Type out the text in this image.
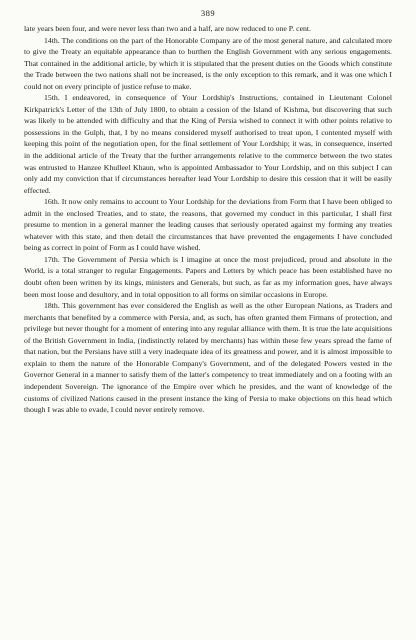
389

late years been four, and were never less than two and a half, are now reduced to one P. cent.

14th. The conditions on the part of the Honorable Company are of the most general nature, and calculated more to give the Treaty an equitable appearance than to burthen the English Government with any serious engagements. That contained in the additional article, by which it is stipulated that the present duties on the Goods which constitute the Trade between the two nations shall not be increased, is the only exception to this remark, and it was one which I could not on every principle of justice refuse to make.

15th. I endeavored, in consequence of Your Lordship's Instructions, contained in Lieutenant Colonel Kirkpatrick's Letter of the 13th of July 1800, to obtain a cession of the Island of Kishma, but discovering that such was likely to be attended with difficulty and that the King of Persia wished to connect it with other points relative to possessions in the Gulph, that, I by no means considered myself authorised to treat upon, I contented myself with keeping this point of the negotiation open, for the final settlement of Your Lordship; it was, in consequence, inserted in the additional article of the Treaty that the further arrangements relative to the commerce between the two states was entrusted to Hanzee Khulleel Khaun, who is appointed Ambassador to Your Lordship, and on this subject I can only add my conviction that if circumstances hereafter lead Your Lordship to desire this cession that it will be easily effected.

16th. It now only remains to account to Your Lordship for the deviations from Form that I have been obliged to admit in the enclosed Treaties, and to state, the reasons, that governed my conduct in this particular, I shall first presume to mention in a general manner the leading causes that seriously operated against my forming any treaties whatever with this state, and then detail the circumstances that have prevented the engagements I have concluded being as correct in point of Form as I could have wished.

17th. The Government of Persia which is I imagine at once the most prejudiced, proud and absolute in the World, is a total stranger to regular Engagements. Papers and Letters by which peace has been established have no doubt often been written by its kings, ministers and Generals, but such, as far as my information goes, have always been most loose and desultory, and in total opposition to all forms on similar occasions in Europe.

18th. This government has ever considered the English as well as the other European Nations, as Traders and merchants that benefited by a commerce with Persia, and, as such, has often granted them Firmans of protection, and privilege but never thought for a moment of entering into any regular alliance with them. It is true the late acquisitions of the British Government in India, (indistinctly related by merchants) has within these few years spread the fame of that nation, but the Persians have still a very inadequate idea of its greatness and power, and it is almost impossible to explain to them the nature of the Honorable Company's Government, and of the delegated Powers vested in the Governor General in a manner to satisfy them of the latter's competency to treat immediately and on a footing with an independent Sovereign. The ignorance of the Empire over which he presides, and the want of knowledge of the customs of civilized Nations caused in the present instance the king of Persia to make objections on this head which though I was able to evade, I could never entirely remove.
